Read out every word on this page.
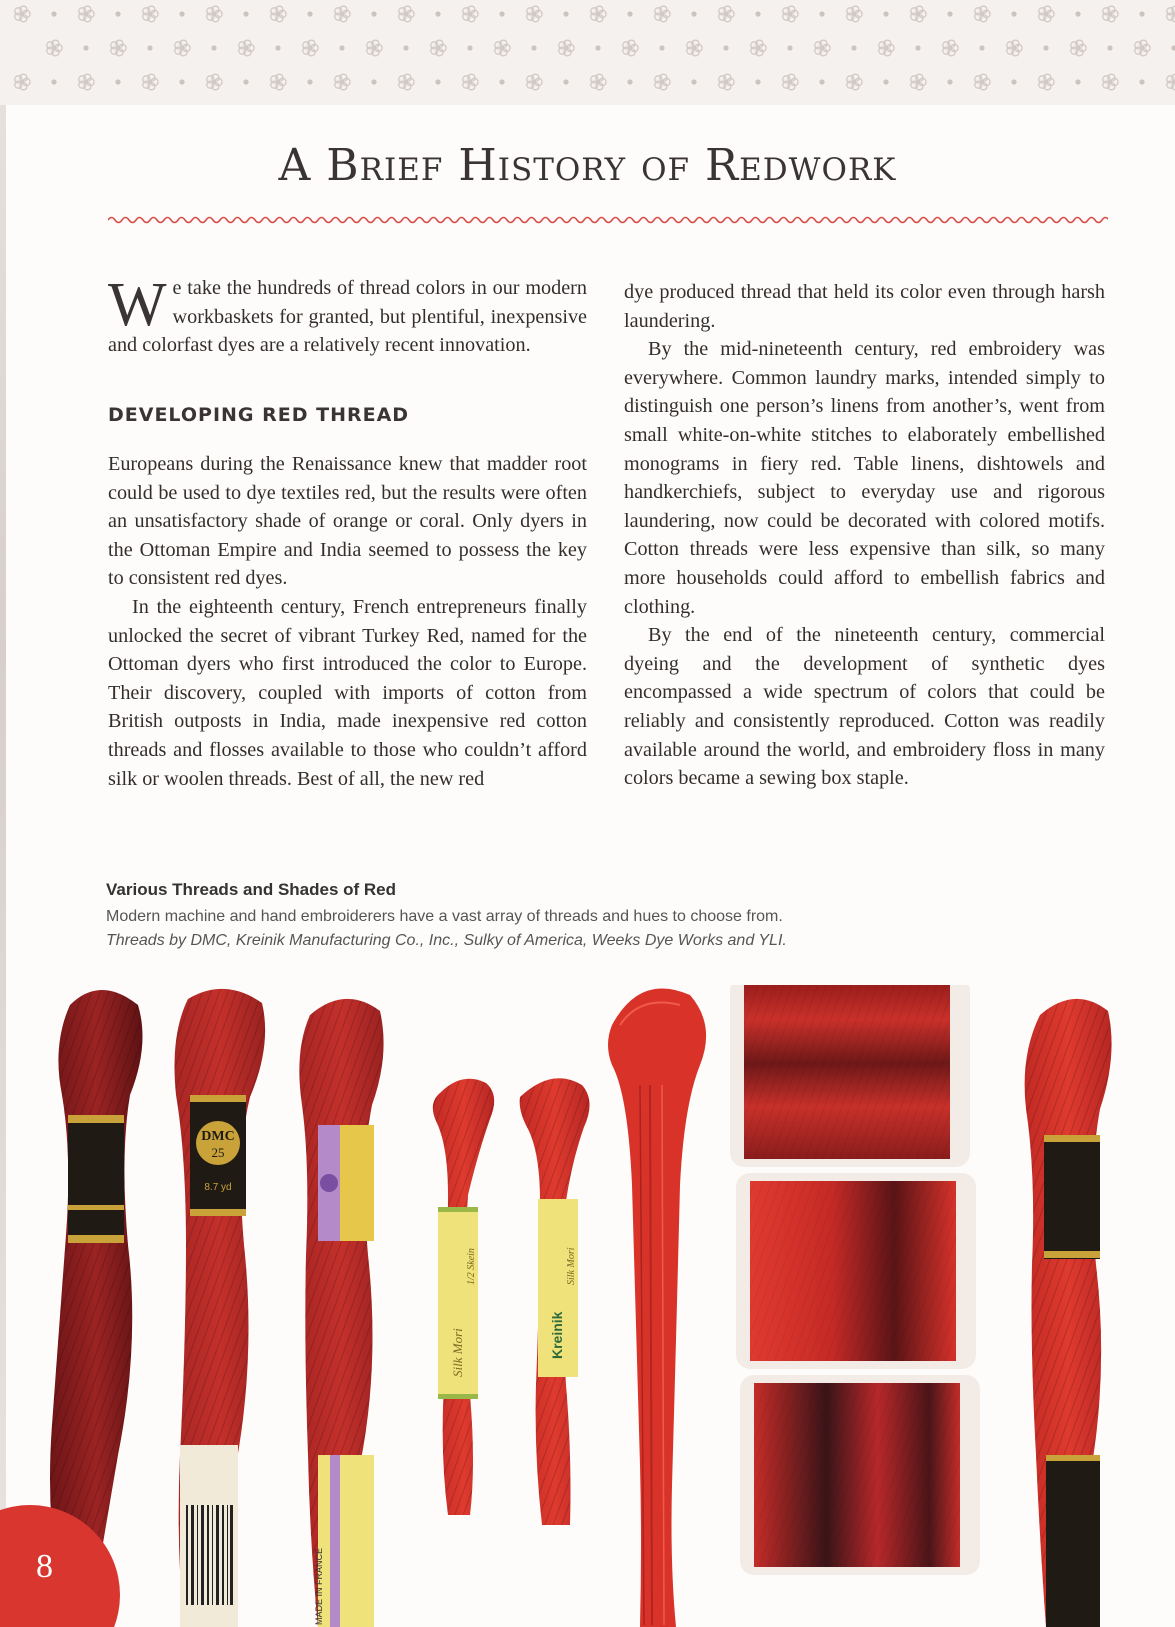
A Brief History of Redwork
We take the hundreds of thread colors in our modern workbaskets for granted, but plentiful, inexpensive and colorfast dyes are a relatively recent innovation.
DEVELOPING RED THREAD

Europeans during the Renaissance knew that madder root could be used to dye textiles red, but the results were often an unsatisfactory shade of orange or coral. Only dyers in the Ottoman Empire and India seemed to possess the key to consistent red dyes.

In the eighteenth century, French entrepreneurs finally unlocked the secret of vibrant Turkey Red, named for the Ottoman dyers who first introduced the color to Europe. Their discovery, coupled with imports of cotton from British outposts in India, made inexpensive red cotton threads and flosses available to those who couldn’t afford silk or woolen threads. Best of all, the new red

dye produced thread that held its color even through harsh laundering.

By the mid-nineteenth century, red embroidery was everywhere. Common laundry marks, intended simply to distinguish one person’s linens from another’s, went from small white-on-white stitches to elaborately embellished monograms in fiery red. Table linens, dishtowels and handkerchiefs, subject to everyday use and rigorous laundering, now could be decorated with colored motifs. Cotton threads were less expensive than silk, so many more households could afford to embellish fabrics and clothing.

By the end of the nineteenth century, commercial dyeing and the development of synthetic dyes encompassed a wide spectrum of colors that could be reliably and consistently reproduced. Cotton was readily available around the world, and embroidery floss in many colors became a sewing box staple.

Various Threads and Shades of Red
Modern machine and hand embroiderers have a vast array of threads and hues to choose from.
Threads by DMC, Kreinik Manufacturing Co., Inc., Sulky of America, Weeks Dye Works and YLI.
DMC
25
8.7 yd
MADE IN FRANCE
Silk Mori
1/2 Skein
Kreinik
Silk Mori
8
